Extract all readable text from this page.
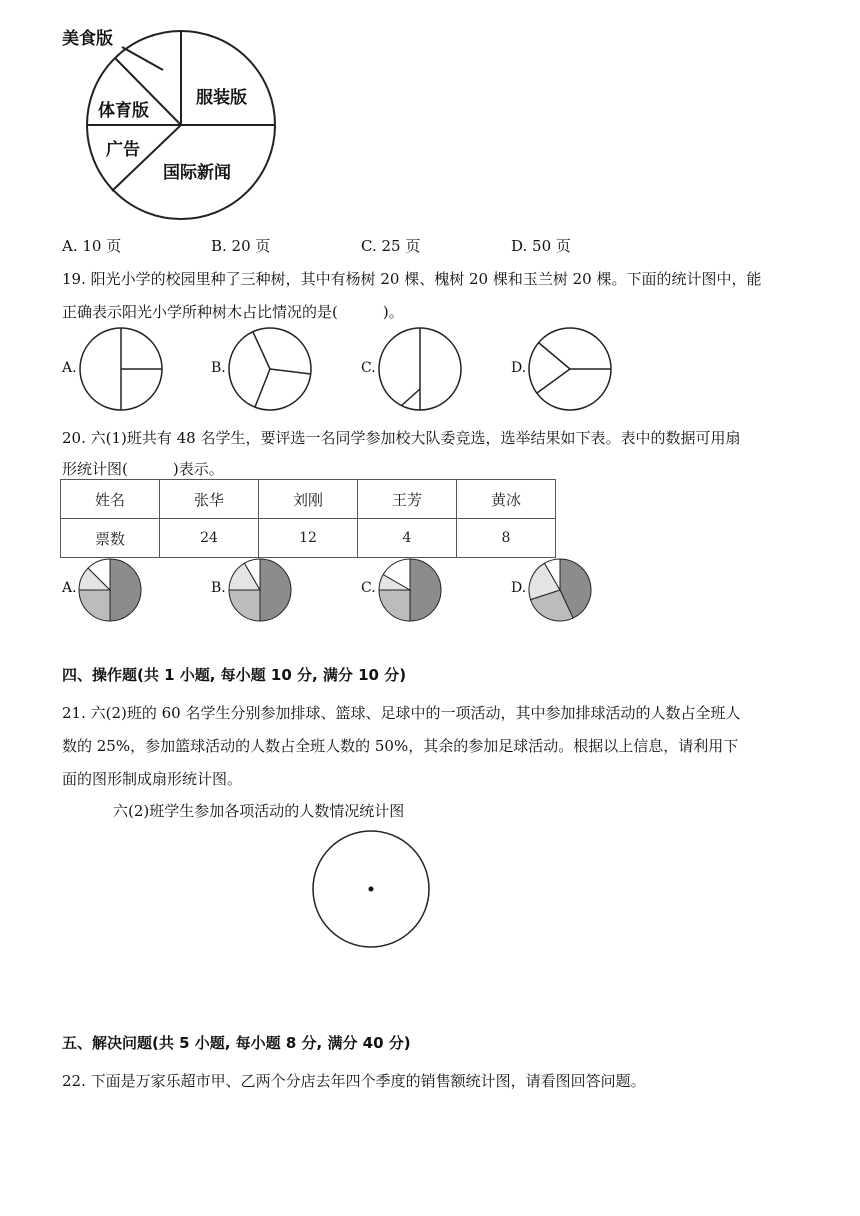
美食版
服装版
体育版
广告
国际新闻
A. 10 页	B. 20 页	C. 25 页	D. 50 页
19. 阳光小学的校园里种了三种树，其中有杨树 20 棵、槐树 20 棵和玉兰树 20 棵。下面的统计图中，能
正确表示阳光小学所种树木占比情况的是(　　　)。
A.	B.	C.	D.
20. 六(1)班共有 48 名学生，要评选一名同学参加校大队委竞选，选举结果如下表。表中的数据可用扇
形统计图(　　　)表示。
姓名	张华	刘刚	王芳	黄冰
票数	24	12	4	8
A.	B.	C.	D.
四、操作题(共 1 小题, 每小题 10 分, 满分 10 分)
21. 六(2)班的 60 名学生分别参加排球、篮球、足球中的一项活动，其中参加排球活动的人数占全班人
数的 25%，参加篮球活动的人数占全班人数的 50%，其余的参加足球活动。根据以上信息，请利用下
面的图形制成扇形统计图。
六(2)班学生参加各项活动的人数情况统计图
五、解决问题(共 5 小题, 每小题 8 分, 满分 40 分)
22. 下面是万家乐超市甲、乙两个分店去年四个季度的销售额统计图，请看图回答问题。
